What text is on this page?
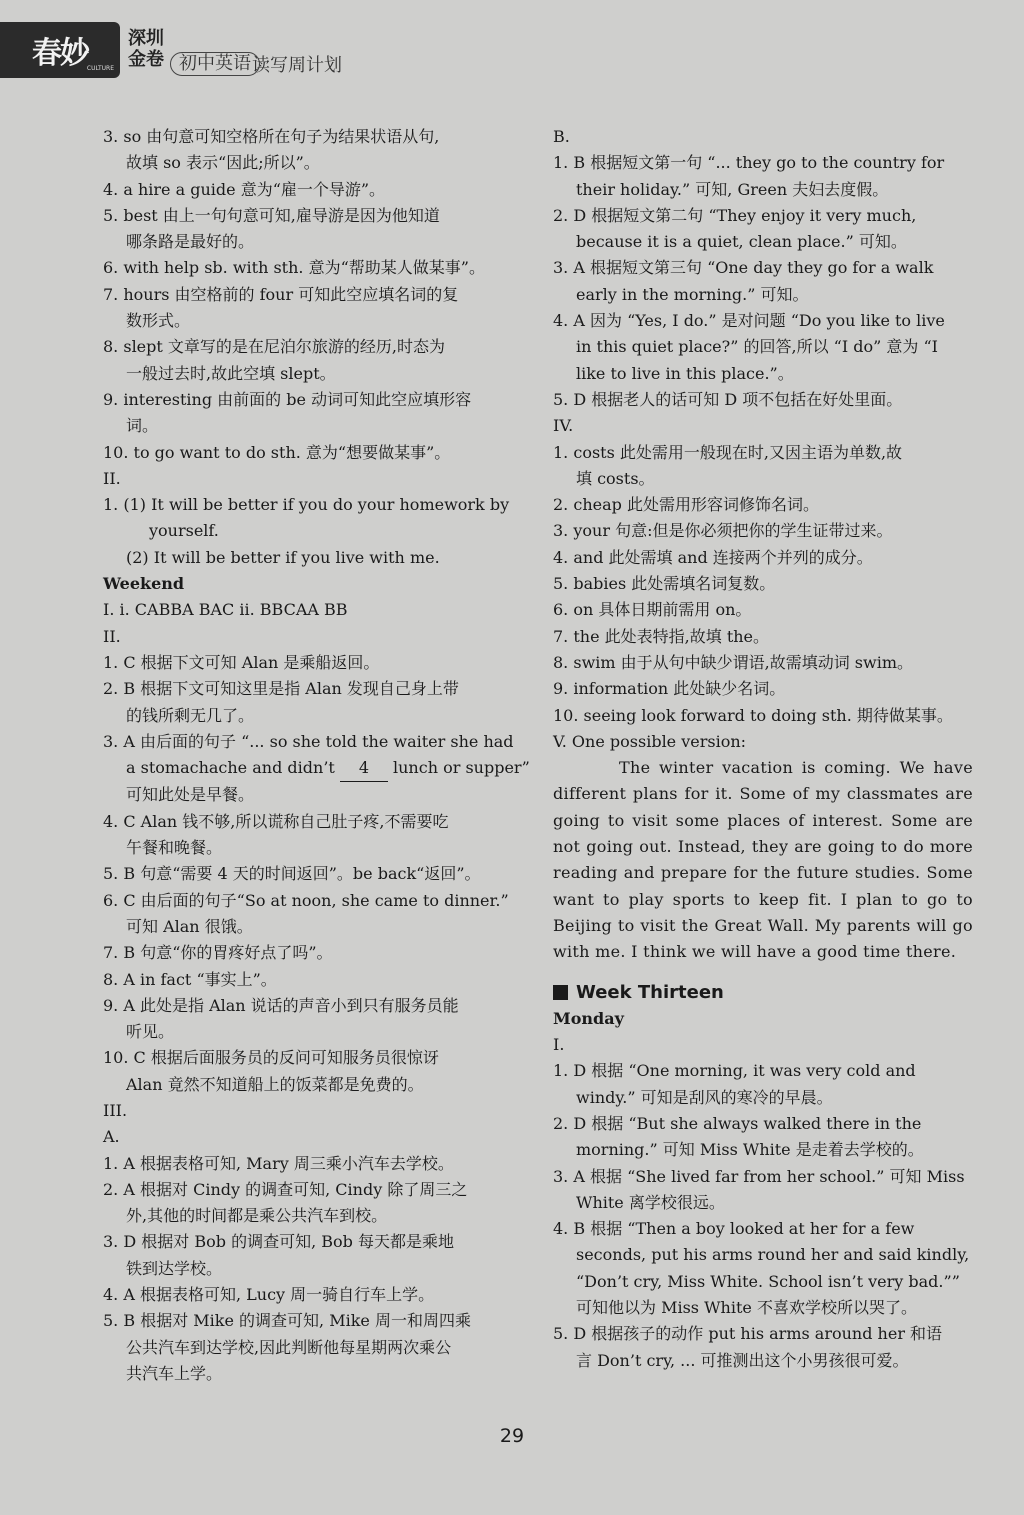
春妙
CULTURE
深圳金卷 初中英语 读写周计划
3. so 由句意可知空格所在句子为结果状语从句,
故填 so 表示“因此;所以”。
4. a hire a guide 意为“雇一个导游”。
5. best 由上一句句意可知,雇导游是因为他知道
哪条路是最好的。
6. with help sb. with sth. 意为“帮助某人做某事”。
7. hours 由空格前的 four 可知此空应填名词的复
数形式。
8. slept 文章写的是在尼泊尔旅游的经历,时态为
一般过去时,故此空填 slept。
9. interesting 由前面的 be 动词可知此空应填形容
词。
10. to go want to do sth. 意为“想要做某事”。
II.
1. (1) It will be better if you do your homework by
yourself.
(2) It will be better if you live with me.
Weekend
I. i. CABBA BAC ii. BBCAA BB
II.
1. C 根据下文可知 Alan 是乘船返回。
2. B 根据下文可知这里是指 Alan 发现自己身上带
的钱所剩无几了。
3. A 由后面的句子 “... so she told the waiter she had
a stomachache and didn’t 4 lunch or supper”
可知此处是早餐。
4. C Alan 钱不够,所以谎称自己肚子疼,不需要吃
午餐和晚餐。
5. B 句意“需要 4 天的时间返回”。be back“返回”。
6. C 由后面的句子“So at noon, she came to dinner.”
可知 Alan 很饿。
7. B 句意“你的胃疼好点了吗”。
8. A in fact “事实上”。
9. A 此处是指 Alan 说话的声音小到只有服务员能
听见。
10. C 根据后面服务员的反问可知服务员很惊讶
Alan 竟然不知道船上的饭菜都是免费的。
III.
A.
1. A 根据表格可知, Mary 周三乘小汽车去学校。
2. A 根据对 Cindy 的调查可知, Cindy 除了周三之
外,其他的时间都是乘公共汽车到校。
3. D 根据对 Bob 的调查可知, Bob 每天都是乘地
铁到达学校。
4. A 根据表格可知, Lucy 周一骑自行车上学。
5. B 根据对 Mike 的调查可知, Mike 周一和周四乘
公共汽车到达学校,因此判断他每星期两次乘公
共汽车上学。
B.
1. B 根据短文第一句 “... they go to the country for
their holiday.” 可知, Green 夫妇去度假。
2. D 根据短文第二句 “They enjoy it very much,
because it is a quiet, clean place.” 可知。
3. A 根据短文第三句 “One day they go for a walk
early in the morning.” 可知。
4. A 因为 “Yes, I do.” 是对问题 “Do you like to live
in this quiet place?” 的回答,所以 “I do” 意为 “I
like to live in this place.”。
5. D 根据老人的话可知 D 项不包括在好处里面。
IV.
1. costs 此处需用一般现在时,又因主语为单数,故
填 costs。
2. cheap 此处需用形容词修饰名词。
3. your 句意:但是你必须把你的学生证带过来。
4. and 此处需填 and 连接两个并列的成分。
5. babies 此处需填名词复数。
6. on 具体日期前需用 on。
7. the 此处表特指,故填 the。
8. swim 由于从句中缺少谓语,故需填动词 swim。
9. information 此处缺少名词。
10. seeing look forward to doing sth. 期待做某事。
V. One possible version:
The winter vacation is coming. We have different plans for it. Some of my classmates are going to visit some places of interest. Some are not going out. Instead, they are going to do more reading and prepare for the future studies. Some want to play sports to keep fit. I plan to go to Beijing to visit the Great Wall. My parents will go with me. I think we will have a good time there.
Week Thirteen
Monday
I.
1. D 根据 “One morning, it was very cold and
windy.” 可知是刮风的寒冷的早晨。
2. D 根据 “But she always walked there in the
morning.” 可知 Miss White 是走着去学校的。
3. A 根据 “She lived far from her school.” 可知 Miss
White 离学校很远。
4. B 根据 “Then a boy looked at her for a few
seconds, put his arms round her and said kindly,
“Don’t cry, Miss White. School isn’t very bad.””
可知他以为 Miss White 不喜欢学校所以哭了。
5. D 根据孩子的动作 put his arms around her 和语
言 Don’t cry, ... 可推测出这个小男孩很可爱。
29
